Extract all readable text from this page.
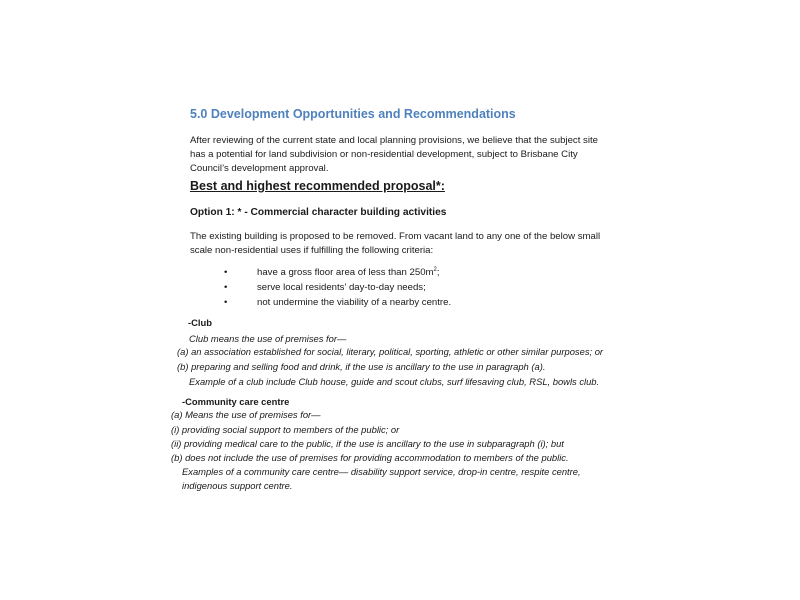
5.0 Development Opportunities and Recommendations
After reviewing of the current state and local planning provisions, we believe that the subject site
has a potential for land subdivision or non-residential development, subject to Brisbane City
Council’s development approval.
Best and highest recommended proposal*:
Option 1: * - Commercial character building activities
The existing building is proposed to be removed. From vacant land to any one of the below small
scale non-residential uses if fulfilling the following criteria:
•	have a gross floor area of less than $250m^2$;
•	serve local residents' day-to-day needs;
•	not undermine the viability of a nearby centre.
-Club
Club means the use of premises for—
(a) an association established for social, literary, political, sporting, athletic or other similar purposes; or
(b) preparing and selling food and drink, if the use is ancillary to the use in paragraph (a).
Example of a club include Club house, guide and scout clubs, surf lifesaving club, RSL, bowls club.
-Community care centre
(a) Means the use of premises for—
(i) providing social support to members of the public; or
(ii) providing medical care to the public, if the use is ancillary to the use in subparagraph (i); but
(b) does not include the use of premises for providing accommodation to members of the public.
Examples of a community care centre— disability support service, drop-in centre, respite centre,
indigenous support centre.
